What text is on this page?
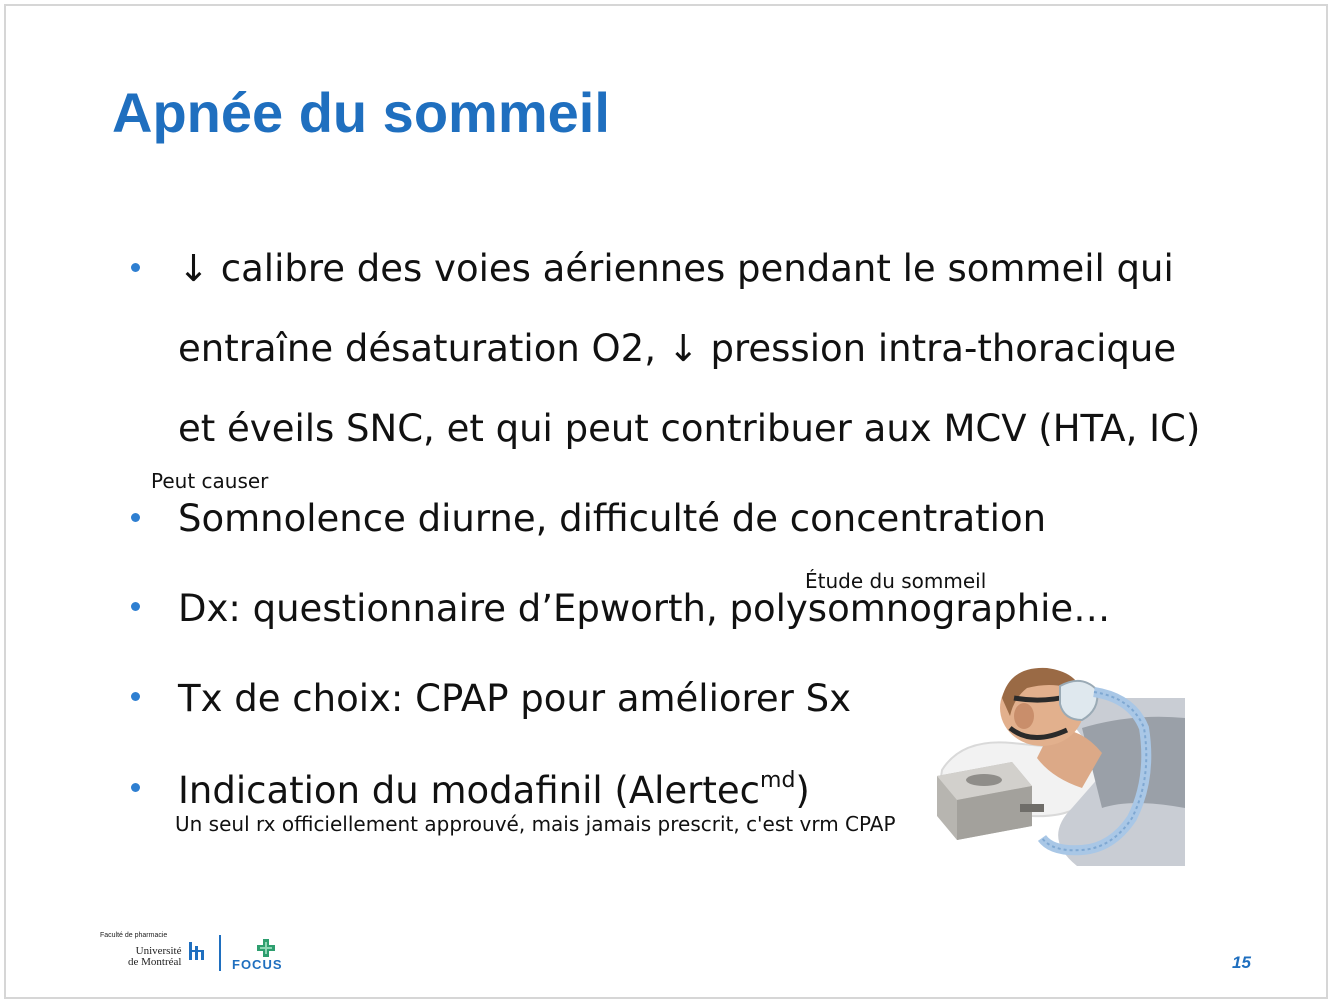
Apnée du sommeil
↓ calibre des voies aériennes pendant le sommeil qui
entraîne désaturation O2, ↓ pression intra-thoracique
et éveils SNC, et qui peut contribuer aux MCV (HTA, IC)
Peut causer
Somnolence diurne, difficulté de concentration
Étude du sommeil
Dx: questionnaire d’Epworth, polysomnographie…
Tx de choix: CPAP pour améliorer Sx
Indication du modafinil (Alertec$^{md}$)
Un seul rx officiellement approuvé, mais jamais prescrit, c'est vrm CPAP
Faculté de pharmacie
Université
de Montréal	FOCUS	15
